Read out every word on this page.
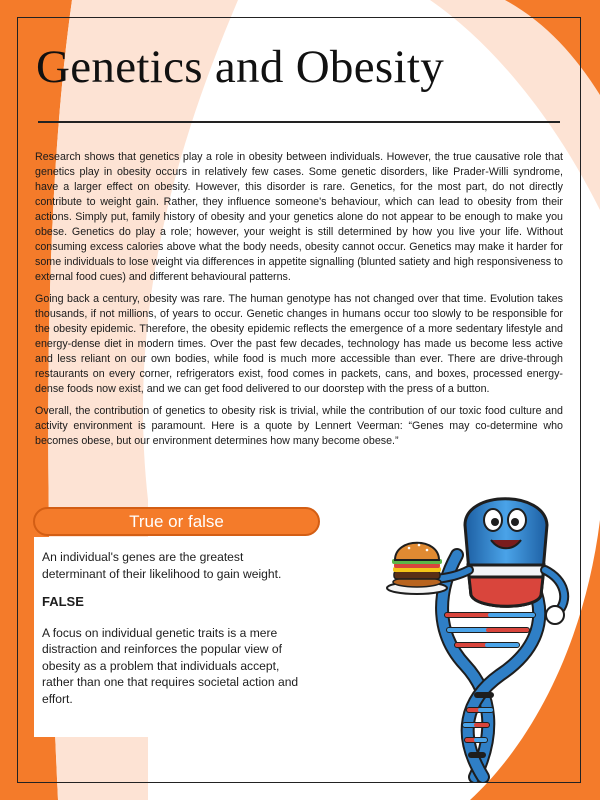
Genetics and Obesity

Research shows that genetics play a role in obesity between individuals. However, the true causative role that genetics play in obesity occurs in relatively few cases. Some genetic disorders, like Prader-Willi syndrome, have a larger effect on obesity. However, this disorder is rare. Genetics, for the most part, do not directly contribute to weight gain. Rather, they influence someone's behaviour, which can lead to obesity from their actions. Simply put, family history of obesity and your genetics alone do not appear to be enough to make you obese. Genetics do play a role; however, your weight is still determined by how you live your life. Without consuming excess calories above what the body needs, obesity cannot occur. Genetics may make it harder for some individuals to lose weight via differences in appetite signalling (blunted satiety and high responsiveness to external food cues) and different behavioural patterns.

Going back a century, obesity was rare. The human genotype has not changed over that time. Evolution takes thousands, if not millions, of years to occur. Genetic changes in humans occur too slowly to be responsible for the obesity epidemic. Therefore, the obesity epidemic reflects the emergence of a more sedentary lifestyle and energy-dense diet in modern times. Over the past few decades, technology has made us become less active and less reliant on our own bodies, while food is much more accessible than ever. There are drive-through restaurants on every corner, refrigerators exist, food comes in packets, cans, and boxes, processed energy-dense foods now exist, and we can get food delivered to our doorstep with the press of a button.

Overall, the contribution of genetics to obesity risk is trivial, while the contribution of our toxic food culture and activity environment is paramount. Here is a quote by Lennert Veerman: “Genes may co-determine who becomes obese, but our environment determines how many become obese.”

True or false

An individual's genes are the greatest determinant of their likelihood to gain weight.

FALSE

A focus on individual genetic traits is a mere distraction and reinforces the popular view of obesity as a problem that individuals accept, rather than one that requires societal action and effort.
